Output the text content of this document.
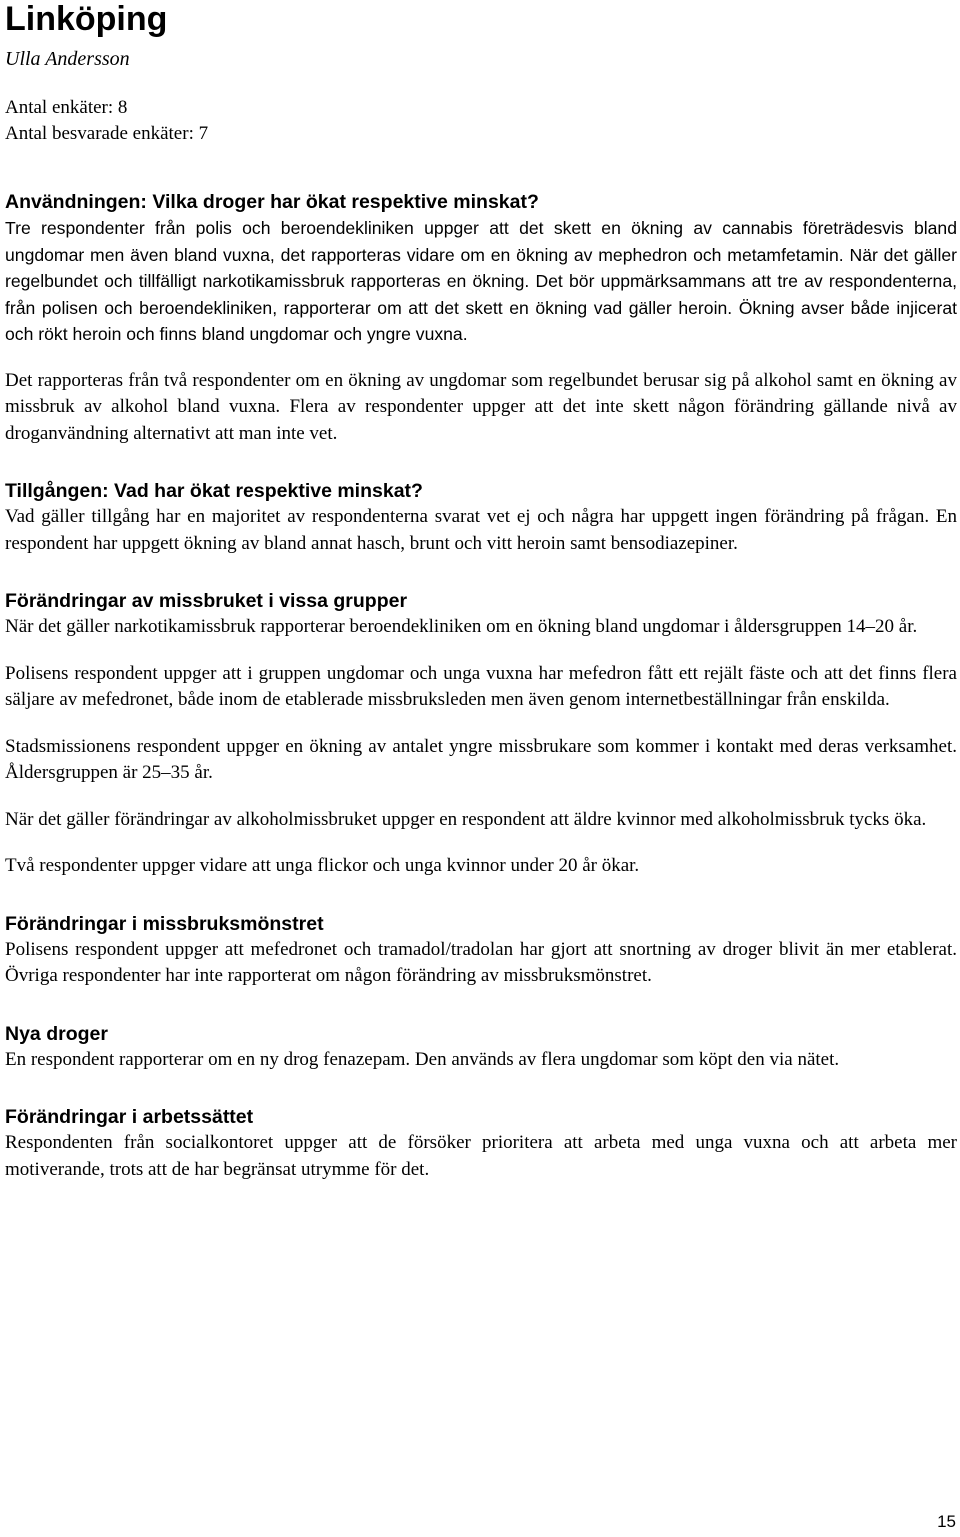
Linköping
Ulla Andersson
Antal enkäter: 8
Antal besvarade enkäter: 7
Användningen: Vilka droger har ökat respektive minskat?
Tre respondenter från polis och beroendekliniken uppger att det skett en ökning av cannabis företrädesvis bland ungdomar men även bland vuxna, det rapporteras vidare om en ökning av mephedron och metamfetamin. När det gäller regelbundet och tillfälligt narkotikamissbruk rapporteras en ökning. Det bör uppmärksammans att tre av respondenterna, från polisen och beroendekliniken, rapporterar om att det skett en ökning vad gäller heroin. Ökning avser både injicerat och rökt heroin och finns bland ungdomar och yngre vuxna.

Det rapporteras från två respondenter om en ökning av ungdomar som regelbundet berusar sig på alkohol samt en ökning av missbruk av alkohol bland vuxna. Flera av respondenter uppger att det inte skett någon förändring gällande nivå av droganvändning alternativt att man inte vet.

Tillgången: Vad har ökat respektive minskat?

Vad gäller tillgång har en majoritet av respondenterna svarat vet ej och några har uppgett ingen förändring på frågan. En respondent har uppgett ökning av bland annat hasch, brunt och vitt heroin samt bensodiazepiner.

Förändringar av missbruket i vissa grupper

När det gäller narkotikamissbruk rapporterar beroendekliniken om en ökning bland ungdomar i åldersgruppen 14–20 år.

Polisens respondent uppger att i gruppen ungdomar och unga vuxna har mefedron fått ett rejält fäste och att det finns flera säljare av mefedronet, både inom de etablerade missbruksleden men även genom internetbeställningar från enskilda.

Stadsmissionens respondent uppger en ökning av antalet yngre missbrukare som kommer i kontakt med deras verksamhet. Åldersgruppen är 25–35 år.

När det gäller förändringar av alkoholmissbruket uppger en respondent att äldre kvinnor med alkoholmissbruk tycks öka.

Två respondenter uppger vidare att unga flickor och unga kvinnor under 20 år ökar.

Förändringar i missbruksmönstret

Polisens respondent uppger att mefedronet och tramadol/tradolan har gjort att snortning av droger blivit än mer etablerat. Övriga respondenter har inte rapporterat om någon förändring av missbruksmönstret.

Nya droger

En respondent rapporterar om en ny drog fenazepam. Den används av flera ungdomar som köpt den via nätet.

Förändringar i arbetssättet

Respondenten från socialkontoret uppger att de försöker prioritera att arbeta med unga vuxna och att arbeta mer motiverande, trots att de har begränsat utrymme för det.

15
